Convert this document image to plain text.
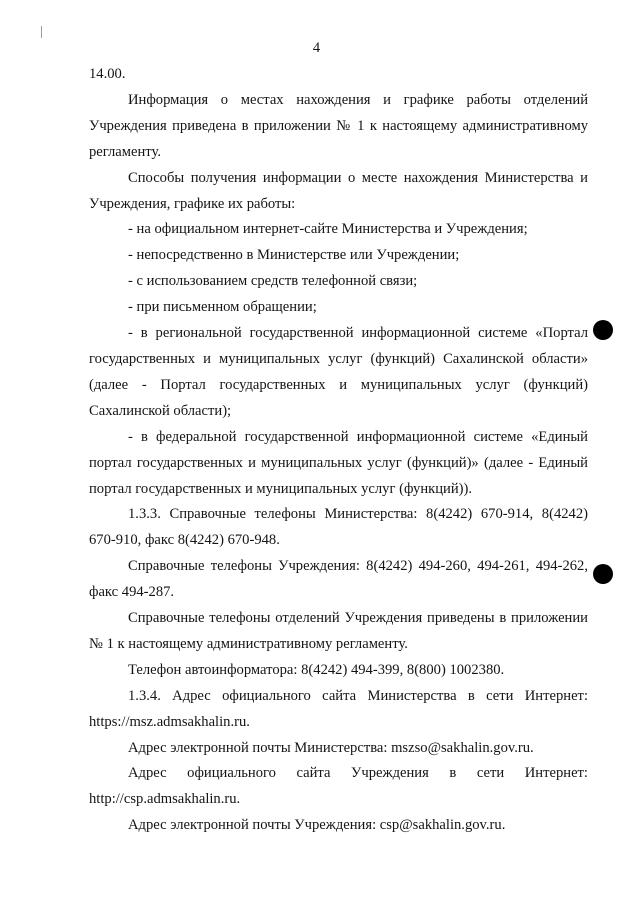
4

14.00.

Информация о местах нахождения и графике работы отделений Учреждения приведена в приложении № 1 к настоящему административному регламенту.

Способы получения информации о месте нахождения Министерства и Учреждения, графике их работы:

- на официальном интернет-сайте Министерства и Учреждения;

- непосредственно в Министерстве или Учреждении;

- с использованием средств телефонной связи;

- при письменном обращении;

- в региональной государственной информационной системе «Портал государственных и муниципальных услуг (функций) Сахалинской области» (далее - Портал государственных и муниципальных услуг (функций) Сахалинской области);

- в федеральной государственной информационной системе «Единый портал государственных и муниципальных услуг (функций)» (далее - Единый портал государственных и муниципальных услуг (функций)).

1.3.3. Справочные телефоны Министерства: 8(4242) 670-914, 8(4242) 670-910, факс 8(4242) 670-948.

Справочные телефоны Учреждения: 8(4242) 494-260, 494-261, 494-262, факс 494-287.

Справочные телефоны отделений Учреждения приведены в приложении № 1 к настоящему административному регламенту.

Телефон автоинформатора: 8(4242) 494-399, 8(800) 1002380.

1.3.4. Адрес официального сайта Министерства в сети Интернет: https://msz.admsakhalin.ru.

Адрес электронной почты Министерства: mszso@sakhalin.gov.ru.

Адрес официального сайта Учреждения в сети Интернет: http://csp.admsakhalin.ru.

Адрес электронной почты Учреждения: csp@sakhalin.gov.ru.
